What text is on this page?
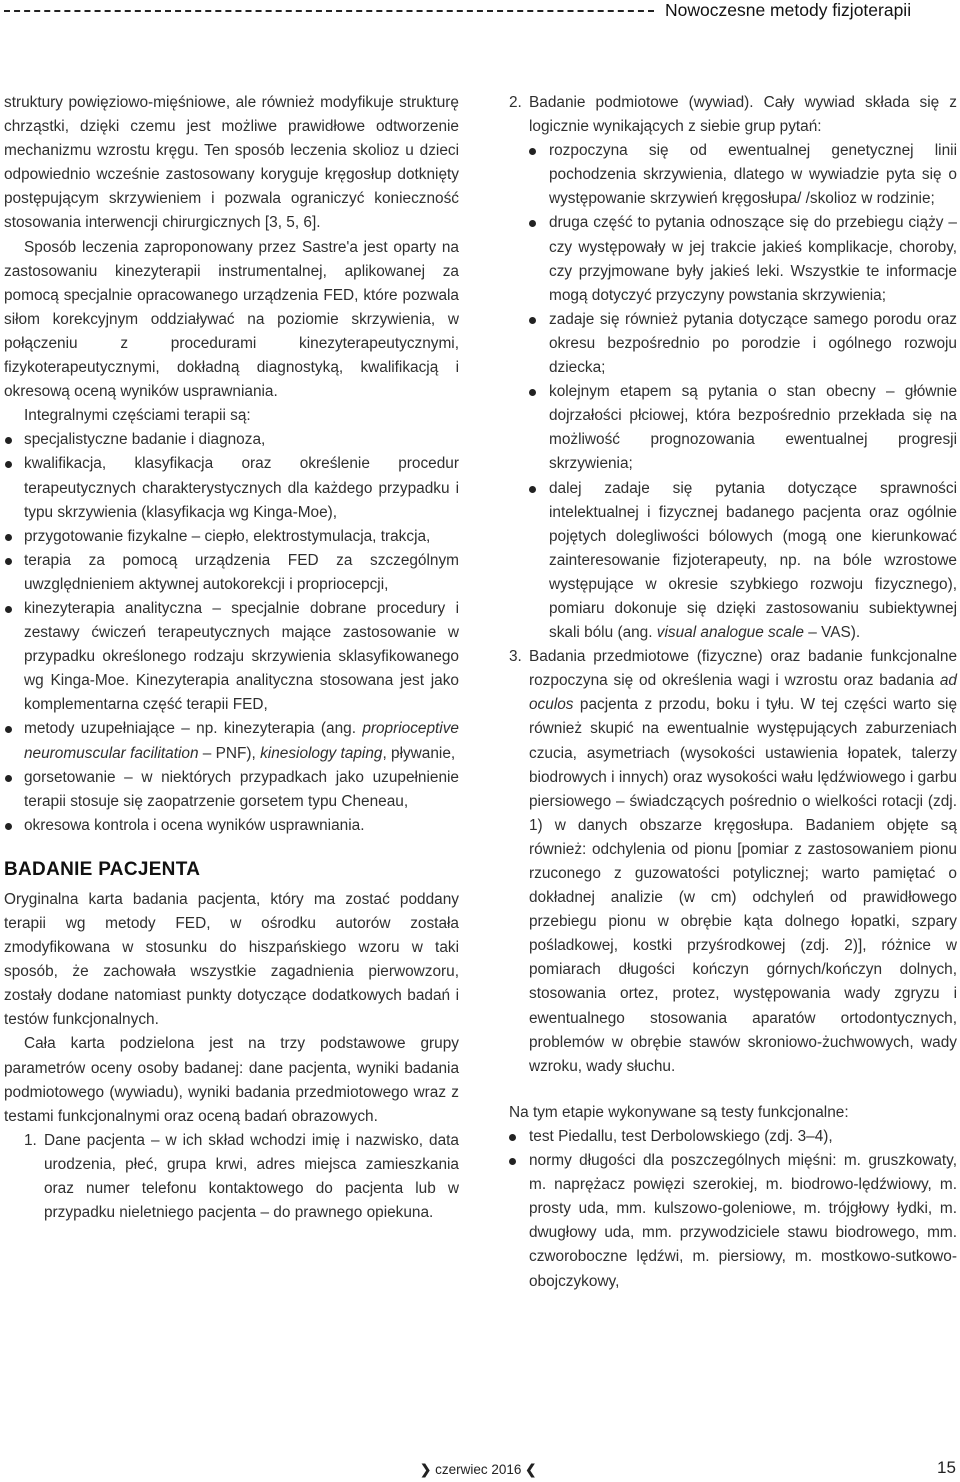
Nowoczesne metody fizjoterapii

struktury powięziowo-mięśniowe, ale również modyfikuje strukturę chrząstki, dzięki czemu jest możliwe prawidłowe odtworzenie mechanizmu wzrostu kręgu. Ten sposób leczenia skolioz u dzieci odpowiednio wcześnie zastosowany koryguje kręgosłup dotknięty postępującym skrzywieniem i pozwala ograniczyć konieczność stosowania interwencji chirurgicznych [3, 5, 6].

Sposób leczenia zaproponowany przez Sastre'a jest oparty na zastosowaniu kinezyterapii instrumentalnej, aplikowanej za pomocą specjalnie opracowanego urządzenia FED, które pozwala siłom korekcyjnym oddziaływać na poziomie skrzywienia, w połączeniu z procedurami kinezyterapeutycznymi, fizykoterapeutycznymi, dokładną diagnostyką, kwalifikacją i okresową oceną wyników usprawniania.

Integralnymi częściami terapii są:

specjalistyczne badanie i diagnoza,
kwalifikacja, klasyfikacja oraz określenie procedur terapeutycznych charakterystycznych dla każdego przypadku i typu skrzywienia (klasyfikacja wg Kinga-Moe),
przygotowanie fizykalne – ciepło, elektrostymulacja, trakcja,
terapia za pomocą urządzenia FED za szczególnym uwzględnieniem aktywnej autokorekcji i propriocepcji,
kinezyterapia analityczna – specjalnie dobrane procedury i zestawy ćwiczeń terapeutycznych mające zastosowanie w przypadku określonego rodzaju skrzywienia sklasyfikowanego wg Kinga-Moe. Kinezyterapia analityczna stosowana jest jako komplementarna część terapii FED,
metody uzupełniające – np. kinezyterapia (ang. proprioceptive neuromuscular facilitation – PNF), kinesiology taping, pływanie,
gorsetowanie – w niektórych przypadkach jako uzupełnienie terapii stosuje się zaopatrzenie gorsetem typu Cheneau,
okresowa kontrola i ocena wyników usprawniania.
BADANIE PACJENTA

Oryginalna karta badania pacjenta, który ma zostać poddany terapii wg metody FED, w ośrodku autorów została zmodyfikowana w stosunku do hiszpańskiego wzoru w taki sposób, że zachowała wszystkie zagadnienia pierwowzoru, zostały dodane natomiast punkty dotyczące dodatkowych badań i testów funkcjonalnych.

Cała karta podzielona jest na trzy podstawowe grupy parametrów oceny osoby badanej: dane pacjenta, wyniki badania podmiotowego (wywiadu), wyniki badania przedmiotowego wraz z testami funkcjonalnymi oraz oceną badań obrazowych.

1. Dane pacjenta – w ich skład wchodzi imię i nazwisko, data urodzenia, płeć, grupa krwi, adres miejsca zamieszkania oraz numer telefonu kontaktowego do pacjenta lub w przypadku nieletniego pacjenta – do prawnego opiekuna.
2. Badanie podmiotowe (wywiad). Cały wywiad składa się z logicznie wynikających z siebie grup pytań:
rozpoczyna się od ewentualnej genetycznej linii pochodzenia skrzywienia, dlatego w wywiadzie pyta się o występowanie skrzywień kręgosłupa/ /skolioz w rodzinie;
druga część to pytania odnoszące się do przebiegu ciąży – czy występowały w jej trakcie jakieś komplikacje, choroby, czy przyjmowane były jakieś leki. Wszystkie te informacje mogą dotyczyć przyczyny powstania skrzywienia;
zadaje się również pytania dotyczące samego porodu oraz okresu bezpośrednio po porodzie i ogólnego rozwoju dziecka;
kolejnym etapem są pytania o stan obecny – głównie dojrzałości płciowej, która bezpośrednio przekłada się na możliwość prognozowania ewentualnej progresji skrzywienia;
dalej zadaje się pytania dotyczące sprawności intelektualnej i fizycznej badanego pacjenta oraz ogólnie pojętych dolegliwości bólowych (mogą one kierunkować zainteresowanie fizjoterapeuty, np. na bóle wzrostowe występujące w okresie szybkiego rozwoju fizycznego), pomiaru dokonuje się dzięki zastosowaniu subiektywnej skali bólu (ang. visual analogue scale – VAS).
3. Badania przedmiotowe (fizyczne) oraz badanie funkcjonalne rozpoczyna się od określenia wagi i wzrostu oraz badania ad oculos pacjenta z przodu, boku i tyłu. W tej części warto się również skupić na ewentualnie występujących zaburzeniach czucia, asymetriach (wysokości ustawienia łopatek, talerzy biodrowych i innych) oraz wysokości wału lędźwiowego i garbu piersiowego – świadczących pośrednio o wielkości rotacji (zdj. 1) w danych obszarze kręgosłupa. Badaniem objęte są również: odchylenia od pionu [pomiar z zastosowaniem pionu rzuconego z guzowatości potylicznej; warto pamiętać o dokładnej analizie (w cm) odchyleń od prawidłowego przebiegu pionu w obrębie kąta dolnego łopatki, szpary pośladkowej, kostki przyśrodkowej (zdj. 2)], różnice w pomiarach długości kończyn górnych/kończyn dolnych, stosowania ortez, protez, występowania wady zgryzu i ewentualnego stosowania aparatów ortodontycznych, problemów w obrębie stawów skroniowo-żuchwowych, wady wzroku, wady słuchu.

Na tym etapie wykonywane są testy funkcjonalne:

test Piedallu, test Derbolowskiego (zdj. 3–4),
normy długości dla poszczególnych mięśni: m. gruszkowaty, m. naprężacz powięzi szerokiej, m. biodrowo-lędźwiowy, m. prosty uda, mm. kulszowo-goleniowe, m. trójgłowy łydki, m. dwugłowy uda, mm. przywodziciele stawu biodrowego, mm. czworoboczne lędźwi, m. piersiowy, m. mostkowo-sutkowo-obojczykowy,
❯ czerwiec 2016 ❮	15
